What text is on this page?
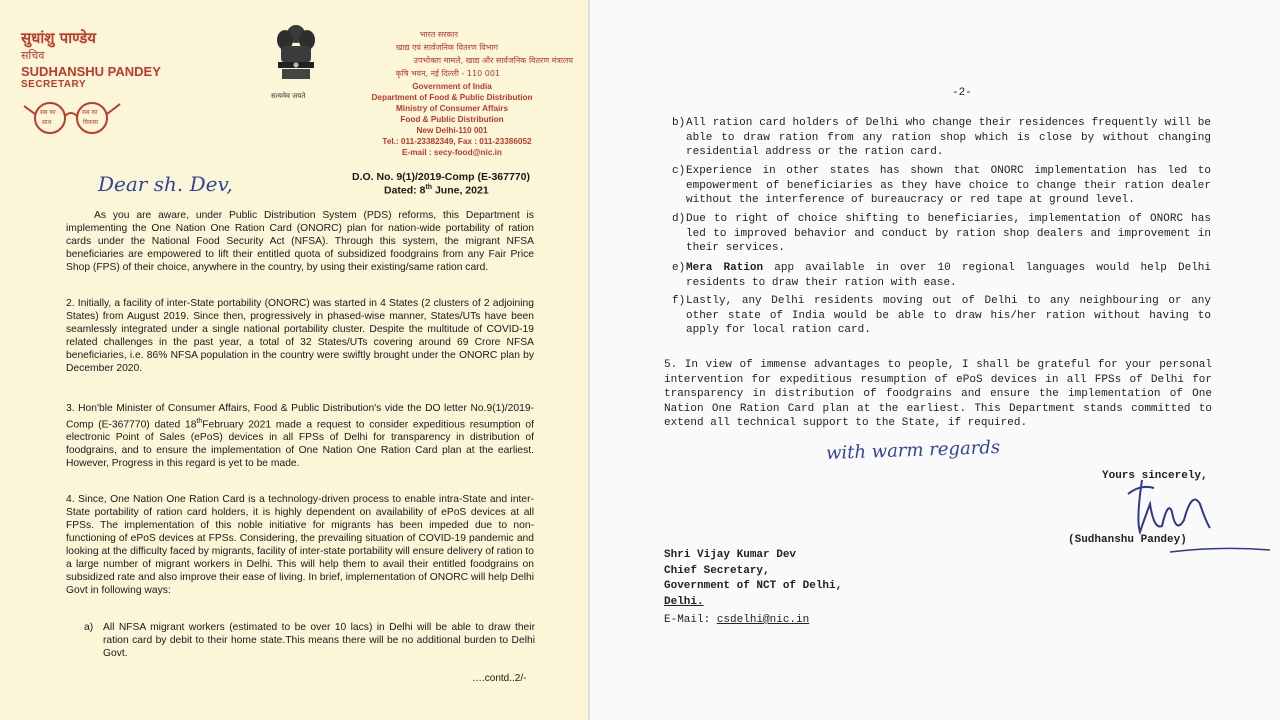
सुधांशु पाण्डेय
सचिव
SUDHANSHU PANDEY
SECRETARY
सब का
साथ
सब का
विकास
सत्यमेव जयते
भारत सरकार
खाद्य एवं सार्वजनिक वितरण विभाग
उपभोक्ता मामले, खाद्य और सार्वजनिक वितरण मंत्रालय
कृषि भवन, नई दिल्ली - 110 001
Government of India
Department of Food & Public Distribution
Ministry of Consumer Affairs
Food & Public Distribution
New Delhi-110 001
Tel.: 011-23382349, Fax : 011-23386052
E-mail : secy-food@nic.in
D.O. No. 9(1)/2019-Comp (E-367770)
Dated: 8th June, 2021
Dear sh. Dev,
As you are aware, under Public Distribution System (PDS) reforms, this Department is implementing the One Nation One Ration Card (ONORC) plan for nation-wide portability of ration cards under the National Food Security Act (NFSA). Through this system, the migrant NFSA beneficiaries are empowered to lift their entitled quota of subsidized foodgrains from any Fair Price Shop (FPS) of their choice, anywhere in the country, by using their existing/same ration card.
2. Initially, a facility of inter-State portability (ONORC) was started in 4 States (2 clusters of 2 adjoining States) from August 2019. Since then, progressively in phased-wise manner, States/UTs have been seamlessly integrated under a single national portability cluster. Despite the multitude of COVID-19 related challenges in the past year, a total of 32 States/UTs covering around 69 Crore NFSA beneficiaries, i.e. 86% NFSA population in the country were swiftly brought under the ONORC plan by December 2020.
3. Hon'ble Minister of Consumer Affairs, Food & Public Distribution's vide the DO letter No.9(1)/2019-Comp (E-367770) dated 18thFebruary 2021 made a request to consider expeditious resumption of electronic Point of Sales (ePoS) devices in all FPSs of Delhi for transparency in distribution of foodgrains, and to ensure the implementation of One Nation One Ration Card plan at the earliest. However, Progress in this regard is yet to be made.
4. Since, One Nation One Ration Card is a technology-driven process to enable intra-State and inter-State portability of ration card holders, it is highly dependent on availability of ePoS devices at all FPSs. The implementation of this noble initiative for migrants has been impeded due to non-functioning of ePoS devices at FPSs. Considering, the prevailing situation of COVID-19 pandemic and looking at the difficulty faced by migrants, facility of inter-state portability will ensure delivery of ration to a large number of migrant workers in Delhi. This will help them to avail their entitled foodgrains on subsidized rate and also improve their ease of living. In brief, implementation of ONORC will help Delhi Govt in following ways:
a) All NFSA migrant workers (estimated to be over 10 lacs) in Delhi will be able to draw their ration card by debit to their home state.This means there will be no additional burden to Delhi Govt.
….contd..2/-
-2-
b) All ration card holders of Delhi who change their residences frequently will be able to draw ration from any ration shop which is close by without changing residential address or the ration card.
c) Experience in other states has shown that ONORC implementation has led to empowerment of beneficiaries as they have choice to change their ration dealer without the interference of bureaucracy or red tape at ground level.
d) Due to right of choice shifting to beneficiaries, implementation of ONORC has led to improved behavior and conduct by ration shop dealers and improvement in their services.
e) Mera Ration app available in over 10 regional languages would help Delhi residents to draw their ration with ease.
f) Lastly, any Delhi residents moving out of Delhi to any neighbouring or any other state of India would be able to draw his/her ration without having to apply for local ration card.
5. In view of immense advantages to people, I shall be grateful for your personal intervention for expeditious resumption of ePoS devices in all FPSs of Delhi for transparency in distribution of foodgrains and ensure the implementation of One Nation One Ration Card plan at the earliest. This Department stands committed to extend all technical support to the State, if required.
with warm regards
Yours sincerely,
(Sudhanshu Pandey)
Shri Vijay Kumar Dev
Chief Secretary,
Government of NCT of Delhi,
Delhi.
E-Mail: csdelhi@nic.in
